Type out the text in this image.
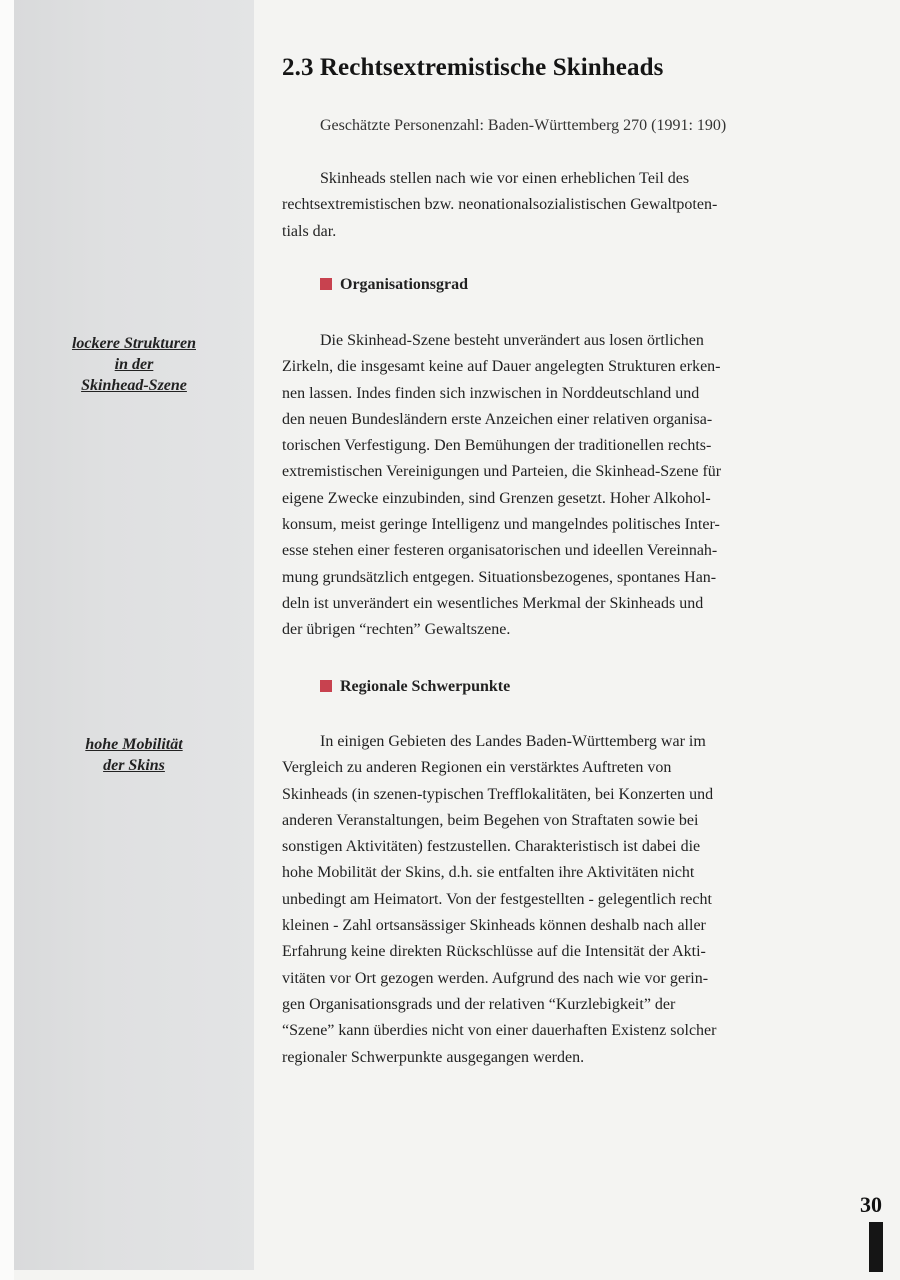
2.3 Rechtsextremistische Skinheads
Geschätzte Personenzahl: Baden-Württemberg 270 (1991: 190)

Skinheads stellen nach wie vor einen erheblichen Teil des
rechtsextremistischen bzw. neonationalsozialistischen Gewaltpoten-
tials dar.

Organisationsgrad
lockere Strukturen
in der
Skinhead-Szene

Die Skinhead-Szene besteht unverändert aus losen örtlichen
Zirkeln, die insgesamt keine auf Dauer angelegten Strukturen erken-
nen lassen. Indes finden sich inzwischen in Norddeutschland und
den neuen Bundesländern erste Anzeichen einer relativen organisa-
torischen Verfestigung. Den Bemühungen der traditionellen rechts-
extremistischen Vereinigungen und Parteien, die Skinhead-Szene für
eigene Zwecke einzubinden, sind Grenzen gesetzt. Hoher Alkohol-
konsum, meist geringe Intelligenz und mangelndes politisches Inter-
esse stehen einer festeren organisatorischen und ideellen Vereinnah-
mung grundsätzlich entgegen. Situationsbezogenes, spontanes Han-
deln ist unverändert ein wesentliches Merkmal der Skinheads und
der übrigen “rechten” Gewaltszene.

Regionale Schwerpunkte
hohe Mobilität
der Skins

In einigen Gebieten des Landes Baden-Württemberg war im
Vergleich zu anderen Regionen ein verstärktes Auftreten von
Skinheads (in szenen-typischen Trefflokalitäten, bei Konzerten und
anderen Veranstaltungen, beim Begehen von Straftaten sowie bei
sonstigen Aktivitäten) festzustellen. Charakteristisch ist dabei die
hohe Mobilität der Skins, d.h. sie entfalten ihre Aktivitäten nicht
unbedingt am Heimatort. Von der festgestellten - gelegentlich recht
kleinen - Zahl ortsansässiger Skinheads können deshalb nach aller
Erfahrung keine direkten Rückschlüsse auf die Intensität der Akti-
vitäten vor Ort gezogen werden. Aufgrund des nach wie vor gerin-
gen Organisationsgrads und der relativen “Kurzlebigkeit” der
“Szene” kann überdies nicht von einer dauerhaften Existenz solcher
regionaler Schwerpunkte ausgegangen werden.

30
